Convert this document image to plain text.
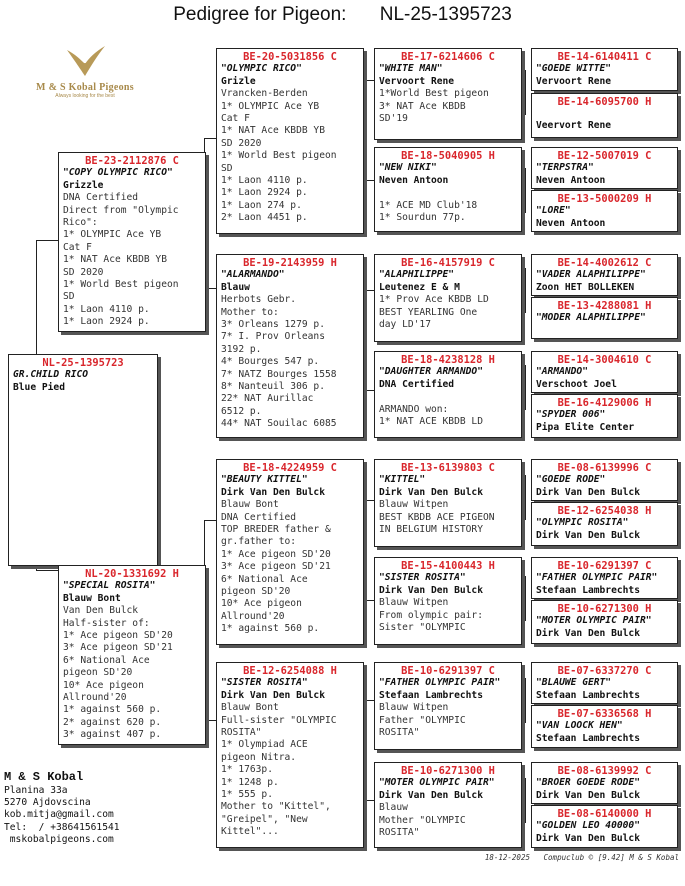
Pedigree for Pigeon: NL-25-1395723
M & S Kobal Pigeons
Always looking for the best
NL-25-1395723
GR.CHILD RICO
Blue Pied
BE-23-2112876 C
"COPY OLYMPIC RICO"
Grizzle
DNA Certified
Direct from "Olympic
Rico":
1* OLYMPIC Ace YB
Cat F
1* NAT Ace KBDB YB
SD 2020
1* World Best pigeon
SD
1* Laon 4110 p.
1* Laon 2924 p.
NL-20-1331692 H
"SPECIAL ROSITA"
Blauw Bont
Van Den Bulck
Half-sister of:
1* Ace pigeon SD'20
3* Ace pigeon SD'21
6* National Ace
pigeon SD'20
10* Ace pigeon
Allround'20
1* against 560 p.
2* against 620 p.
3* against 407 p.
BE-20-5031856 C
"OLYMPIC RICO"
Grizle
Vrancken-Berden
1* OLYMPIC Ace YB
Cat F
1* NAT Ace KBDB YB
SD 2020
1* World Best pigeon
SD
1* Laon 4110 p.
1* Laon 2924 p.
1* Laon 274 p.
2* Laon 4451 p.
BE-19-2143959 H
"ALARMANDO"
Blauw
Herbots Gebr.
Mother to:
3* Orleans 1279 p.
7* I. Prov Orleans
3192 p.
4* Bourges 547 p.
7* NATZ Bourges 1558
8* Nanteuil 306 p.
22* NAT Aurillac
6512 p.
44* NAT Souilac 6085
BE-18-4224959 C
"BEAUTY KITTEL"
Dirk Van Den Bulck
Blauw Bont
DNA Certified
TOP BREDER father &
gr.father to:
1* Ace pigeon SD'20
3* Ace pigeon SD'21
6* National Ace
pigeon SD'20
10* Ace pigeon
Allround'20
1* against 560 p.
BE-12-6254088 H
"SISTER ROSITA"
Dirk Van Den Bulck
Blauw Bont
Full-sister "OLYMPIC
ROSITA"
1* Olympiad ACE
pigeon Nitra.
1* 1763p.
1* 1248 p.
1* 555 p.
Mother to "Kittel",
"Greipel", "New
Kittel"...
BE-17-6214606 C
"WHITE MAN"
Vervoort Rene
1*World Best pigeon
3* NAT Ace KBDB
SD'19
BE-18-5040905 H
"NEW NIKI"
Neven Antoon

1* ACE MD Club'18
1* Sourdun 77p.
BE-16-4157919 C
"ALAPHILIPPE"
Leutenez E & M
1* Prov Ace KBDB LD
BEST YEARLING One
day LD'17
BE-18-4238128 H
"DAUGHTER ARMANDO"
DNA Certified

ARMANDO won:
1* NAT ACE KBDB LD
BE-13-6139803 C
"KITTEL"
Dirk Van Den Bulck
Blauw Witpen
BEST KBDB ACE PIGEON
IN BELGIUM HISTORY
BE-15-4100443 H
"SISTER ROSITA"
Dirk Van Den Bulck
Blauw Witpen
From olympic pair:
Sister "OLYMPIC
BE-10-6291397 C
"FATHER OLYMPIC PAIR"
Stefaan Lambrechts
Blauw Witpen
Father "OLYMPIC
ROSITA"
BE-10-6271300 H
"MOTER OLYMPIC PAIR"
Dirk Van Den Bulck
Blauw
Mother "OLYMPIC
ROSITA"
BE-14-6140411 C
"GOEDE WITTE"
Vervoort Rene
BE-14-6095700 H
Veervort Rene
BE-12-5007019 C
"TERPSTRA"
Neven Antoon
BE-13-5000209 H
"LORE"
Neven Antoon
BE-14-4002612 C
"VADER ALAPHILIPPE"
Zoon HET BOLLEKEN
BE-13-4288081 H
"MODER ALAPHILIPPE"
BE-14-3004610 C
"ARMANDO"
Verschoot Joel
BE-16-4129006 H
"SPYDER 006"
Pipa Elite Center
BE-08-6139996 C
"GOEDE RODE"
Dirk Van Den Bulck
BE-12-6254038 H
"OLYMPIC ROSITA"
Dirk Van Den Bulck
BE-10-6291397 C
"FATHER OLYMPIC PAIR"
Stefaan Lambrechts
BE-10-6271300 H
"MOTER OLYMPIC PAIR"
Dirk Van Den Bulck
BE-07-6337270 C
"BLAUWE GERT"
Stefaan Lambrechts
BE-07-6336568 H
"VAN LOOCK HEN"
Stefaan Lambrechts
BE-08-6139992 C
"BROER GOEDE RODE"
Dirk Van Den Bulck
BE-08-6140000 H
"GOLDEN LEO 40000"
Dirk Van Den Bulck
M & S Kobal
Planina 33a
5270 Ajdovscina
kob.mitja@gmail.com
Tel:  / +38641561541
mskobalpigeons.com
18-12-2025 Compuclub © [9.42] M & S Kobal
